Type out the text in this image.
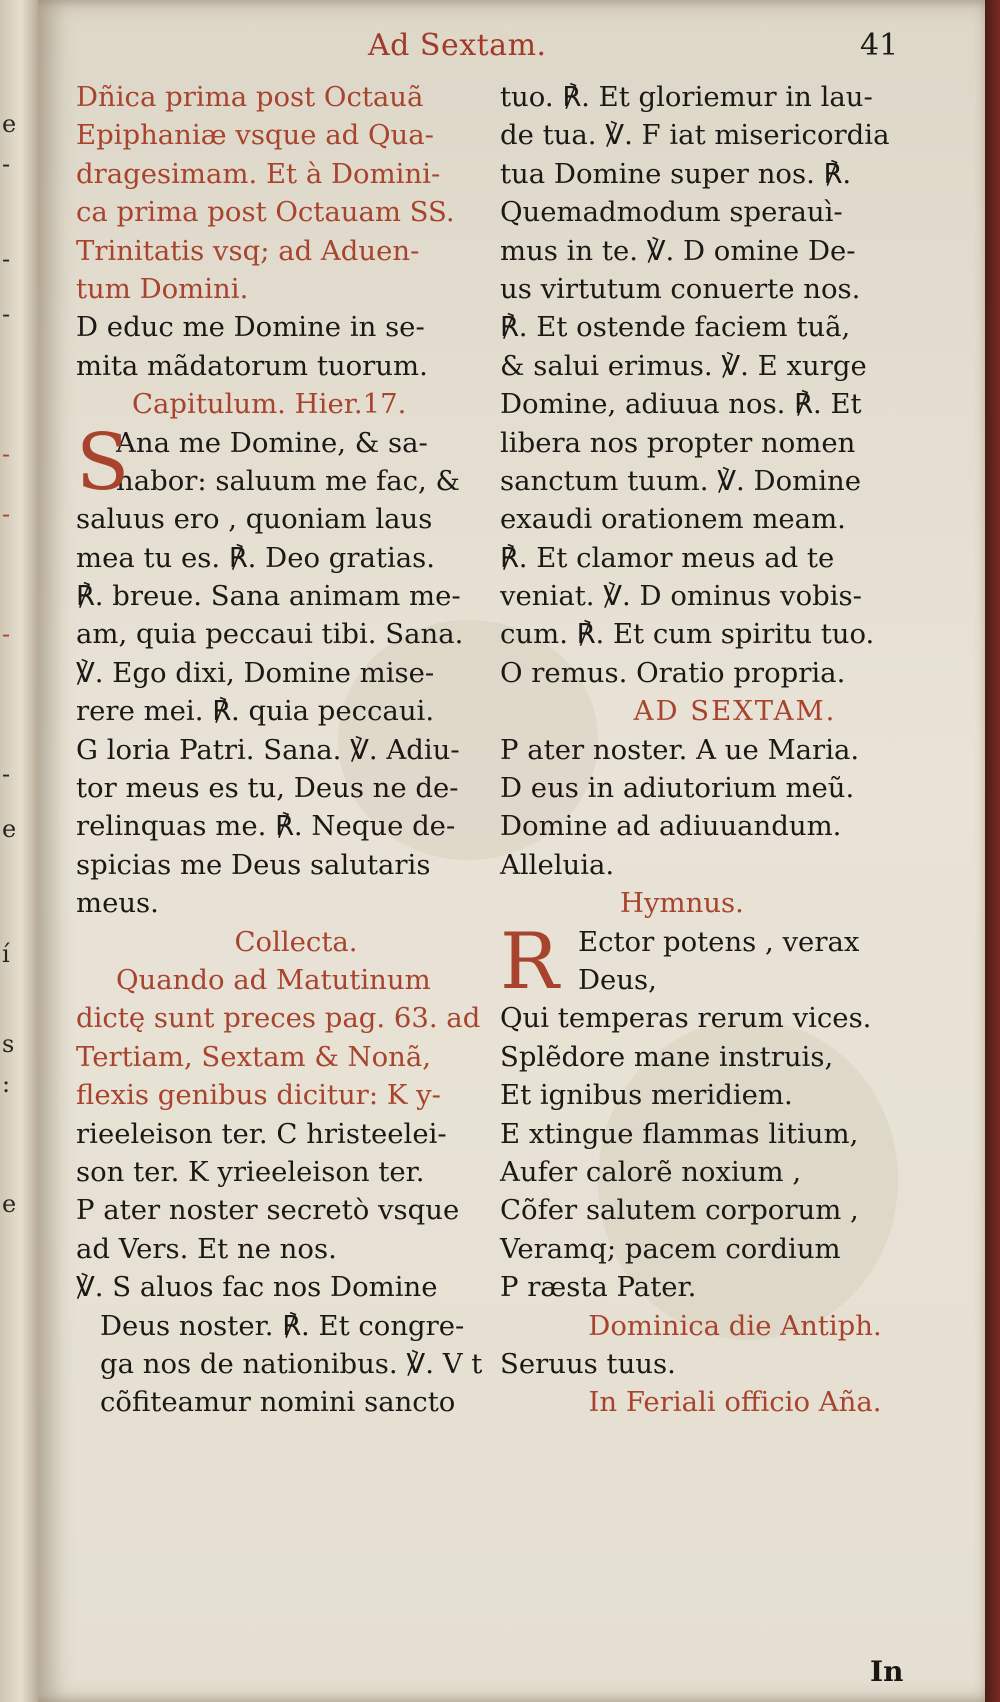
e
-
-
-
-
-
-
-
e
í
s
:
e
Ad Sextam.	41
Dñica prima post Octauã
Epiphaniæ vsque ad Qua-
dragesimam. Et à Domini-
ca prima post Octauam SS.
Trinitatis vsq; ad Aduen-
tum Domini.
D educ me Domine in se-
mita mãdatorum tuorum.
Capitulum. Hier.17.
S
Ana me Domine, & sa-
nabor: saluum me fac, &
saluus ero , quoniam laus
mea tu es. ℟. Deo gratias.
℟. breue. Sana animam me-
am, quia peccaui tibi. Sana.
℣. Ego dixi, Domine mise-
rere mei. ℟. quia peccaui.
G loria Patri. Sana. ℣. Adiu-
tor meus es tu, Deus ne de-
relinquas me. ℟. Neque de-
spicias me Deus salutaris
meus.
Collecta.
Quando ad Matutinum
dictę sunt preces pag. 63. ad
Tertiam, Sextam & Nonã,
flexis genibus dicitur: K y-
rieeleison ter. C hristeelei-
son ter. K yrieeleison ter.
P ater noster secretò vsque
ad Vers. Et ne nos.
℣. S aluos fac nos Domine
Deus noster. ℟. Et congre-
ga nos de nationibus. ℣. V t
cõfiteamur nomini sancto
tuo. ℟. Et gloriemur in lau-
de tua. ℣. F iat misericordia
tua Domine super nos. ℟.
Quemadmodum sperauì-
mus in te. ℣. D omine De-
us virtutum conuerte nos.
℟. Et ostende faciem tuã,
& salui erimus. ℣. E xurge
Domine, adiuua nos. ℟. Et
libera nos propter nomen
sanctum tuum. ℣. Domine
exaudi orationem meam.
℟. Et clamor meus ad te
veniat. ℣. D ominus vobis-
cum. ℟. Et cum spiritu tuo.
O remus. Oratio propria.
AD SEXTAM.
P ater noster. A ue Maria.
D eus in adiutorium meũ.
Domine ad adiuuandum.
Alleluia.
Hymnus.
R Ector potens , verax
Deus,
Qui temperas rerum vices.
Splẽdore mane instruis,
Et ignibus meridiem.
E xtingue flammas litium,
Aufer calorẽ noxium ,
Cõfer salutem corporum ,
Veramq; pacem cordium
P ræsta Pater.
Dominica die Antiph.
Seruus tuus.
In Feriali officio Aña.
In
